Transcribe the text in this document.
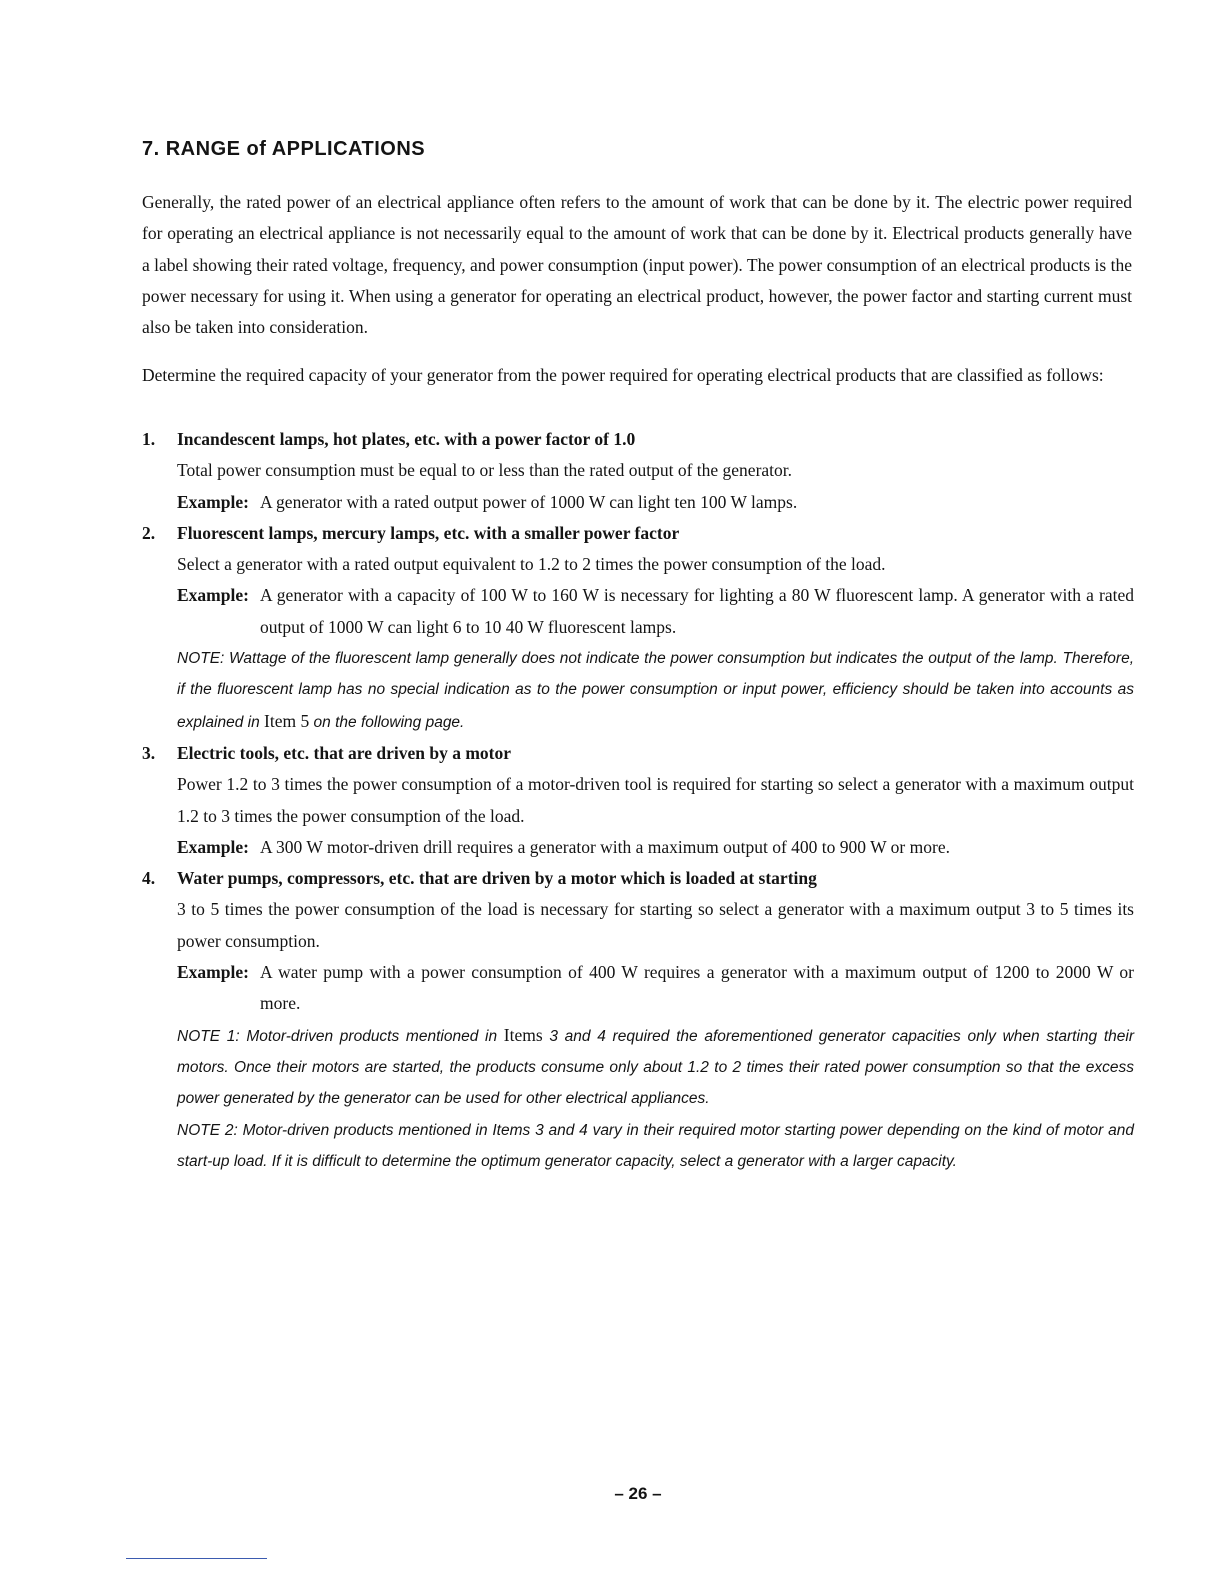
7. RANGE of APPLICATIONS

Generally, the rated power of an electrical appliance often refers to the amount of work that can be done by it. The electric power required for operating an electrical appliance is not necessarily equal to the amount of work that can be done by it. Electrical products generally have a label showing their rated voltage, frequency, and power consumption (input power). The power consumption of an electrical products is the power necessary for using it. When using a generator for operating an electrical product, however, the power factor and starting current must also be taken into consideration.

Determine the required capacity of your generator from the power required for operating electrical products that are classified as follows:

1.	Incandescent lamps, hot plates, etc. with a power factor of 1.0
Total power consumption must be equal to or less than the rated output of the generator.
Example: A generator with a rated output power of 1000 W can light ten 100 W lamps.
2.	Fluorescent lamps, mercury lamps, etc. with a smaller power factor
Select a generator with a rated output equivalent to 1.2 to 2 times the power consumption of the load.
Example: A generator with a capacity of 100 W to 160 W is necessary for lighting a 80 W fluorescent lamp. A generator with a rated output of 1000 W can light 6 to 10 40 W fluorescent lamps.
NOTE: Wattage of the fluorescent lamp generally does not indicate the power consumption but indicates the output of the lamp. Therefore, if the fluorescent lamp has no special indication as to the power consumption or input power, efficiency should be taken into accounts as explained in Item 5 on the following page.
3.	Electric tools, etc. that are driven by a motor
Power 1.2 to 3 times the power consumption of a motor-driven tool is required for starting so select a generator with a maximum output 1.2 to 3 times the power consumption of the load.
Example: A 300 W motor-driven drill requires a generator with a maximum output of 400 to 900 W or more.
4.	Water pumps, compressors, etc. that are driven by a motor which is loaded at starting
3 to 5 times the power consumption of the load is necessary for starting so select a generator with a maximum output 3 to 5 times its power consumption.
Example: A water pump with a power consumption of 400 W requires a generator with a maximum output of 1200 to 2000 W or more.
NOTE 1: Motor-driven products mentioned in Items 3 and 4 required the aforementioned generator capacities only when starting their motors. Once their motors are started, the products consume only about 1.2 to 2 times their rated power consumption so that the excess power generated by the generator can be used for other electrical appliances.
NOTE 2: Motor-driven products mentioned in Items 3 and 4 vary in their required motor starting power depending on the kind of motor and start-up load. If it is difficult to determine the optimum generator capacity, select a generator with a larger capacity.
– 26 –
